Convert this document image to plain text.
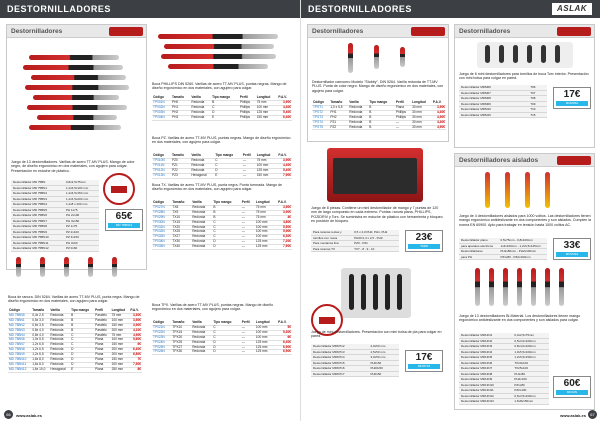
DESTORNILLADORES
Destornilladores
Juego de 13 destornilladores. Varillas de acero TT-MV PLUS. Mango de color negro, de diseño ergonómico en dos materiales, con agujero para colgar. Presentación en estuche de plástico.
Destornillador MD 75BN	0,8x2,5x75mm
Destornillador MD 75BN1	1,2x6,5x100 mm
Destornillador MD 75BN2	1,2x6,5x150 mm
Destornillador MD 75BN3	1,2x6,5x200 mm
Destornillador MD 75BN4	1,2x8 x 200 mm
Destornillador MD 75BN5	PH 1x75
Destornillador MD 75BN6	PH 2x100
Destornillador MD 75BN7	PH 3x150
Destornillador MD 75BN8	PZ 1x75
Destornillador MD 75BN9	PZ 2x100
Destornillador MD 75BN10	PZ 3x150
Destornillador MD 75BN11	PH 0x60
Destornillador MD 75BN12	PZ 0x60
65€
MD 75BN13
Boca de ranura. DIN 5264. Varillas de acero TT-MV PLUS, punta negra. Mango de diseño ergonómico en dos materiales, con agujero para colgar.
Código	Tamaño	Varilla	Tipo mango	Perfil	Longitud	P.A.V.
MD 75BN5	0,4x 2,5	Redonda	B	Paralelo	75 mm	3,30€
MD 75BN1	0,5x 3,0	Redonda	B	Paralelo	100 mm	3,50€
MD 75BN2	0,6x 3,5	Redonda	B	Paralelo	150 mm	3,90€
MD 75BN3	0,8x 4,0	Redonda	B	Paralelo	200 mm	4,10€
MD 75BN4	0,8x 4,0	Redonda	C	Paralelo	75 mm	4,90€
MD 75BN6	1,0x 5,5	Redonda	C	Plana	100 mm	5,60€
MD 75BN7	1,2x 6,5	Redonda	C	Plana	150 mm	6€
MD 75BN8	1,2x 6,5	Redonda	D	Plana	200 mm	6,40€
MD 75BN9	1,2x 6,5	Redonda	D	Plana	200 mm	6,80€
MD 75BN10	1,6x 8,0	Redonda	D	Plana	150 mm	7€
MD 75BN11	1,6x 8,0	Redonda	D	Plana	200 mm	7,50€
MD 75BN12	1,6x 10,0	Hexagonal	E	Plana	250 mm	8€
Boca PHILLIPS DIN 5260. Varillas de acero TT-MV PLUS, puntas negras. Mango de diseño ergonómico en dos materiales, con agujero para colgar.
Código	Tamaño	Varilla	Tipo mango	Perfil	Longitud	P.A.V.
TP001N	PH0	Redonda	B	Phillips	75 mm	3,90€
TP002N	PH1	Redonda	C	Phillips	100 mm	4,40€
TP003N	PH2	Redonda	D	Phillips	125 mm	5,40€
TP004N	PH3	Redonda	E	Phillips	150 mm	6,40€
Boca PZ. Varillas de acero TT-MV PLUS, puntas negras. Mango de diseño ergonómico en dos materiales, con agujero para colgar.
Código	Tamaño	Varilla	Tipo mango	Perfil	Longitud	P.A.V.
TP010N	PZ0	Redonda	C	—	75 mm	3,90€
TP011N	PZ1	Redonda	C	—	100 mm	4,40€
TP012N	PZ2	Redonda	D	—	125 mm	5,40€
TP013N	PZ3	Hexagonal	E	—	150 mm	7,90€
Boca TX. Varillas de acero TT-MV PLUS, punta negra. Punta torneada. Mango de diseño ergonómico en dos materiales, con agujero para colgar.
Código	Tamaño	Varilla	Tipo mango	Perfil	Longitud	P.A.V.
TP027N	TX8	Redonda	B	—	75 mm	3,50€
TP028N	TX9	Redonda	B	—	75 mm	3,90€
TP029N	TX10	Redonda	B	—	75 mm	4€
TP030N	TX15	Redonda	C	—	100 mm	4,80€
TP031N	TX20	Redonda	C	—	100 mm	5,50€
TP032N	TX25	Redonda	C	—	100 mm	5,90€
TP033N	TX27	Redonda	C	—	100 mm	6,30€
TP034N	TX30	Redonda	D	—	125 mm	7,20€
TP035N	TX40	Redonda	D	—	125 mm	7,90€
Boca TPX. Varillas de acero TT-MV PLUS, puntas negras. Mango de diseño ergonómico en dos materiales, con agujero para colgar.
Código	Tamaño	Varilla	Tipo mango	Perfil	Longitud	P.A.V.
TP021N	TPX10	Redonda	C	—	100 mm	5€
TP022N	TPX15	Redonda	C	—	100 mm	5,30€
TP023N	TPX20	Redonda	C	—	100 mm	6€
TP024N	TPX25	Redonda	D	—	125 mm	6,40€
TP025N	TPX27	Redonda	D	—	125 mm	6,90€
TP026N	TPX30	Redonda	D	—	125 mm	6,90€
66	www.aslak.es
DESTORNILLADORES	ASLAK
Destornilladores
Destornillador carrocero Modelo "Stubby". DIN 5264. Varilla redonda de TT-MV PLUS. Punta de color negro. Mango de diseño ergonómico en dos materiales, con agujero para colgar.
Código	Tamaño	Varilla	Tipo mango	Perfil	Longitud	P.A.V.
TPST1	1,0 x 5,5	Redonda	B	Plana	30 mm	3,90€
TPST2	PH1	Redonda	B	Phillips	30 mm	4,40€
TPST3	PH2	Redonda	B	Phillips	30 mm	4,90€
TPST4	PZ1	Redonda	B	—	30 mm	4,40€
TPST5	PZ2	Redonda	B	—	30 mm	4,90€
Juego de 8 piezas. Contiene un mini destornillador de mango y 7 puntas de 120 mm de largo compuesto en cada extremo. Puntas: ranura plana, PHILLIPS, POZIDRIV y Torx. Se suministra en estuche de plástico con herramienta y bloqueo en posición de bloqueo.
Para ranuras rectas y	0,5 x 2,0 PH0, PH1, PH2
tornillos con rosca	PH00 0,4 x 2,5 - PH0
Para mecánica fina	PZ0 - PZ1
Para ranuras TX	TX7 - 8 - 9 - 10
23€
TM08
Juego de mini destornilladores. Presentación con mini bolsa de pla para colgar en pared.
Destornillador MDM712	2,0x50 mm
Destornillador MDM713	2,5x50 mm
Destornillador MDM714	3,0x50 mm
Destornillador MDM715	PH0x50
Destornillador MDM716	PH00x50
Destornillador MDM717	PH0x50
17€
MDM718
Destornilladores
Juego de 6 mini destornilladores para tornillos de boca Torx interior. Presentación con mini bolsa para colgar en pared.
Destornillador MDM06	T06
Destornillador MDM07	T07
Destornillador MDM08	T08
Destornillador MDM09	T09
Destornillador MDM10	T10
Destornillador MDM15	T15
17€
MDM06A
Destornilladores aislados
Juego de 4 destornilladores aislados para 1000 voltios. Las destornilladores tienen mango ergonómico antideslizante en dos componentes y son aislados. Cumplen la norma EN 60900. Apto para trabajar en tensión hasta 1000 voltios AC.
Destornillador plano	0,5x75mm - 0,8x100mm
para aparatos electricos	1x4x100mm - 1,2x6,5x125mm
Destornilladores	PH1x80mm - PH2x100mm
para PH	PZ1x80 - PZ2x100mm
33€
MDVDE4
Juego de 13 destornilladores Bi-Material. Los destornilladores tienen mango ergonómico antideslizante en dos componentes y son aislados para colgar.
Destornillador MD13N1	0,4x2,5x75mm
Destornillador MD13N2	0,5x3,0x100mm
Destornillador MD13N3	0,8x4,0x100mm
Destornillador MD13N4	1,0x5,5x100mm
Destornillador MD13N5	1,2x6,5x150mm
Destornillador MD13N6	TX20x100
Destornillador MD13N7	TX25x100
Destornillador MD13N8	PH1x80
Destornillador MD13N9	PH2x100
Destornillador MD13N10	PZ1x80
Destornillador MD13N11	PZ2x100
Destornillador MD13N12	0,6x3,5x100mm
Destornillador MD13N13	1,6x8x150mm
60€
MD13N
www.aslak.es	67
